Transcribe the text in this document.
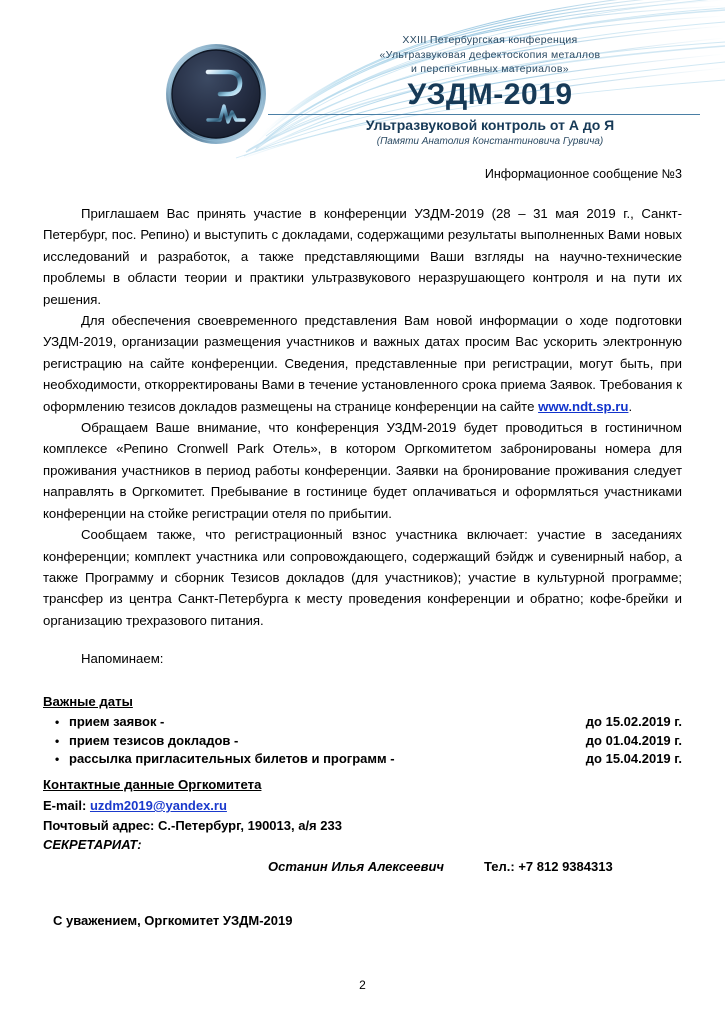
XXIII Петербургская конференция
«Ультразвуковая дефектоскопия металлов
и перспективных материалов»
УЗДМ-2019
Ультразвуковой контроль от А до Я
(Памяти Анатолия Константиновича Гурвича)
Информационное сообщение №3

Приглашаем Вас принять участие в конференции УЗДМ-2019 (28 – 31 мая 2019 г., Санкт-Петербург, пос. Репино) и выступить с докладами, содержащими результаты выполненных Вами новых исследований и разработок, а также представляющими Ваши взгляды на научно-технические проблемы в области теории и практики ультразвукового неразрушающего контроля и на пути их решения.

Для обеспечения своевременного представления Вам новой информации о ходе подготовки УЗДМ-2019, организации размещения участников и важных датах просим Вас ускорить электронную регистрацию на сайте конференции. Сведения, представленные при регистрации, могут быть, при необходимости, откорректированы Вами в течение установленного срока приема Заявок. Требования к оформлению тезисов докладов размещены на странице конференции на сайте www.ndt.sp.ru.

Обращаем Ваше внимание, что конференция УЗДМ-2019 будет проводиться в гостиничном комплексе «Репино Cronwell Park Отель», в котором Оргкомитетом забронированы номера для проживания участников в период работы конференции. Заявки на бронирование проживания следует направлять в Оргкомитет. Пребывание в гостинице будет оплачиваться и оформляться участниками конференции на стойке регистрации отеля по прибытии.

Сообщаем также, что регистрационный взнос участника включает: участие в заседаниях конференции; комплект участника или сопровождающего, содержащий бэйдж и сувенирный набор, а также Программу и сборник Тезисов докладов (для участников); участие в культурной программе; трансфер из центра Санкт-Петербурга к месту проведения конференции и обратно; кофе-брейки и организацию трехразового питания.

Напоминаем:

Важные даты
• прием заявок -	до 15.02.2019 г.
• прием тезисов докладов -	до 01.04.2019 г.
• рассылка пригласительных билетов и программ -	до 15.04.2019 г.
Контактные данные Оргкомитета
E-mail: uzdm2019@yandex.ru
Почтовый адрес: С.-Петербург, 190013, а/я 233
СЕКРЕТАРИАТ:
Останин Илья Алексеевич	Тел.: +7 812 9384313
С уважением, Оргкомитет УЗДМ-2019
2
